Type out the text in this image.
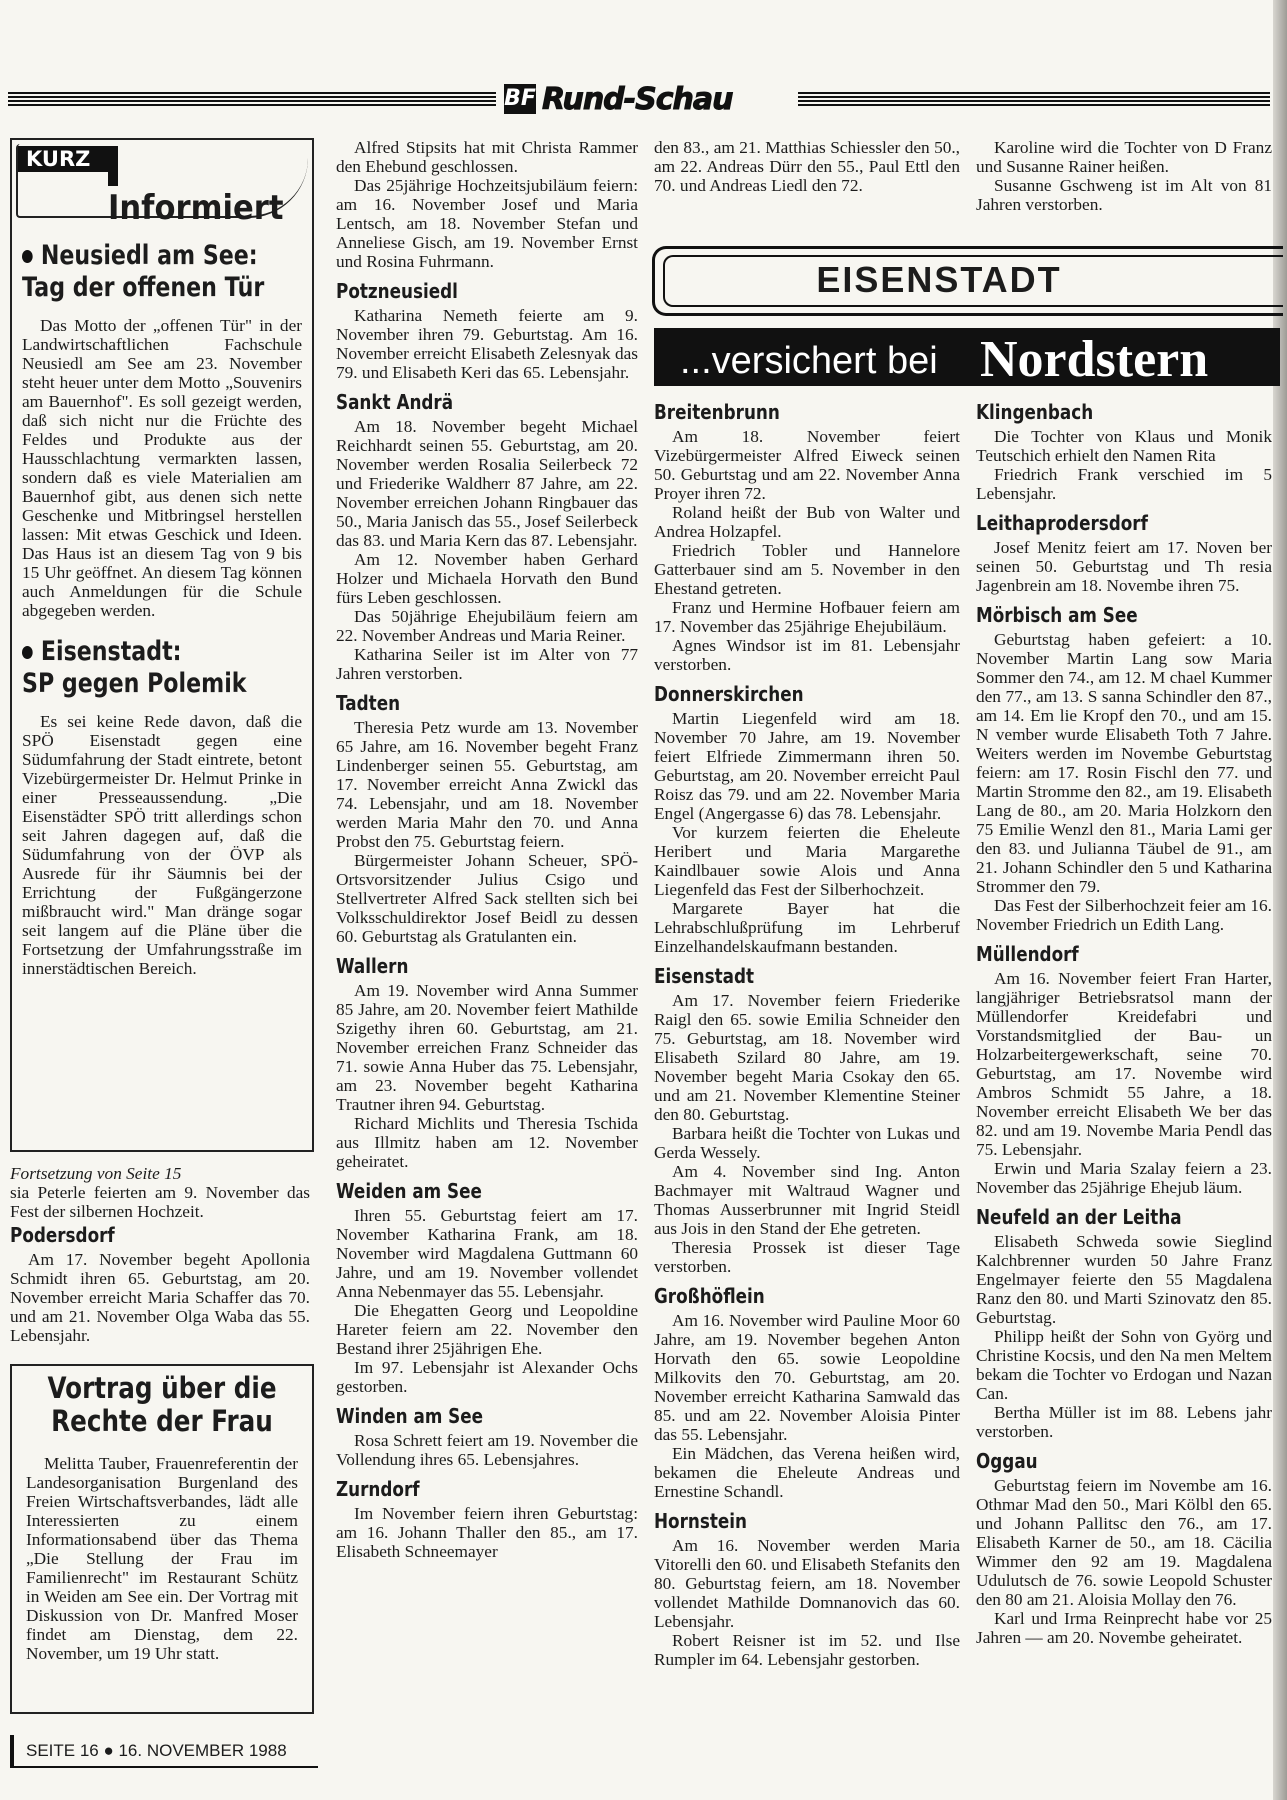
BF Rund-Schau
KURZ
Informiert
Neusiedl am See:
Tag der offenen Tür

Das Motto der „offenen Tür" in der Landwirtschaftlichen Fachschule Neusiedl am See am 23. November steht heuer unter dem Motto „Souvenirs am Bauernhof". Es soll gezeigt werden, daß sich nicht nur die Früchte des Feldes und Produkte aus der Hausschlachtung vermarkten lassen, sondern daß es viele Materialien am Bauernhof gibt, aus denen sich nette Geschenke und Mitbringsel herstellen lassen: Mit etwas Geschick und Ideen. Das Haus ist an diesem Tag von 9 bis 15 Uhr geöffnet. An diesem Tag können auch Anmeldungen für die Schule abgegeben werden.

Eisenstadt:
SP gegen Polemik

Es sei keine Rede davon, daß die SPÖ Eisenstadt gegen eine Südumfahrung der Stadt eintrete, betont Vizebürgermeister Dr. Helmut Prinke in einer Presseaussendung. „Die Eisenstädter SPÖ tritt allerdings schon seit Jahren dagegen auf, daß die Südumfahrung von der ÖVP als Ausrede für ihr Säumnis bei der Errichtung der Fußgängerzone mißbraucht wird." Man dränge sogar seit langem auf die Pläne über die Fortsetzung der Umfahrungsstraße im innerstädtischen Bereich.

Fortsetzung von Seite 15

sia Peterle feierten am 9. November das Fest der silbernen Hochzeit.

Podersdorf

Am 17. November begeht Apollonia Schmidt ihren 65. Geburtstag, am 20. November erreicht Maria Schaffer das 70. und am 21. November Olga Waba das 55. Lebensjahr.

Vortrag über die Rechte der Frau

Melitta Tauber, Frauenreferentin der Landesorganisation Burgenland des Freien Wirtschaftsverbandes, lädt alle Interessierten zu einem Informationsabend über das Thema „Die Stellung der Frau im Familienrecht" im Restaurant Schütz in Weiden am See ein. Der Vortrag mit Diskussion von Dr. Manfred Moser findet am Dienstag, dem 22. November, um 19 Uhr statt.

SEITE 16 ● 16. NOVEMBER 1988

Alfred Stipsits hat mit Christa Rammer den Ehebund geschlossen.

Das 25jährige Hochzeitsjubiläum feiern: am 16. November Josef und Maria Lentsch, am 18. November Stefan und Anneliese Gisch, am 19. November Ernst und Rosina Fuhrmann.

Potzneusiedl

Katharina Nemeth feierte am 9. November ihren 79. Geburtstag. Am 16. November erreicht Elisabeth Zelesnyak das 79. und Elisabeth Keri das 65. Lebensjahr.

Sankt Andrä

Am 18. November begeht Michael Reichhardt seinen 55. Geburtstag, am 20. November werden Rosalia Seilerbeck 72 und Friederike Waldherr 87 Jahre, am 22. November erreichen Johann Ringbauer das 50., Maria Janisch das 55., Josef Seilerbeck das 83. und Maria Kern das 87. Lebensjahr.

Am 12. November haben Gerhard Holzer und Michaela Horvath den Bund fürs Leben geschlossen.

Das 50jährige Ehejubiläum feiern am 22. November Andreas und Maria Reiner.

Katharina Seiler ist im Alter von 77 Jahren verstorben.

Tadten

Theresia Petz wurde am 13. November 65 Jahre, am 16. November begeht Franz Lindenberger seinen 55. Geburtstag, am 17. November erreicht Anna Zwickl das 74. Lebensjahr, und am 18. November werden Maria Mahr den 70. und Anna Probst den 75. Geburtstag feiern.

Bürgermeister Johann Scheuer, SPÖ-Ortsvorsitzender Julius Csigo und Stellvertreter Alfred Sack stellten sich bei Volksschuldirektor Josef Beidl zu dessen 60. Geburtstag als Gratulanten ein.

Wallern

Am 19. November wird Anna Summer 85 Jahre, am 20. November feiert Mathilde Szigethy ihren 60. Geburtstag, am 21. November erreichen Franz Schneider das 71. sowie Anna Huber das 75. Lebensjahr, am 23. November begeht Katharina Trautner ihren 94. Geburtstag.

Richard Michlits und Theresia Tschida aus Illmitz haben am 12. November geheiratet.

Weiden am See

Ihren 55. Geburtstag feiert am 17. November Katharina Frank, am 18. November wird Magdalena Guttmann 60 Jahre, und am 19. November vollendet Anna Nebenmayer das 55. Lebensjahr.

Die Ehegatten Georg und Leopoldine Hareter feiern am 22. November den Bestand ihrer 25jährigen Ehe.

Im 97. Lebensjahr ist Alexander Ochs gestorben.

Winden am See

Rosa Schrett feiert am 19. November die Vollendung ihres 65. Lebensjahres.

Zurndorf

Im November feiern ihren Geburtstag: am 16. Johann Thaller den 85., am 17. Elisabeth Schneemayer

den 83., am 21. Matthias Schiessler den 50., am 22. Andreas Dürr den 55., Paul Ettl den 70. und Andreas Liedl den 72.

Karoline wird die Tochter von D Franz und Susanne Rainer heißen.

Susanne Gschweng ist im Alt von 81 Jahren verstorben.

EISENSTADT
...versichert bei Nordstern
Breitenbrunn

Am 18. November feiert Vizebürgermeister Alfred Eiweck seinen 50. Geburtstag und am 22. November Anna Proyer ihren 72.

Roland heißt der Bub von Walter und Andrea Holzapfel.

Friedrich Tobler und Hannelore Gatterbauer sind am 5. November in den Ehestand getreten.

Franz und Hermine Hofbauer feiern am 17. November das 25jährige Ehejubiläum.

Agnes Windsor ist im 81. Lebensjahr verstorben.

Donnerskirchen

Martin Liegenfeld wird am 18. November 70 Jahre, am 19. November feiert Elfriede Zimmermann ihren 50. Geburtstag, am 20. November erreicht Paul Roisz das 79. und am 22. November Maria Engel (Angergasse 6) das 78. Lebensjahr.

Vor kurzem feierten die Eheleute Heribert und Maria Margarethe Kaindlbauer sowie Alois und Anna Liegenfeld das Fest der Silberhochzeit.

Margarete Bayer hat die Lehrabschlußprüfung im Lehrberuf Einzelhandelskaufmann bestanden.

Eisenstadt

Am 17. November feiern Friederike Raigl den 65. sowie Emilia Schneider den 75. Geburtstag, am 18. November wird Elisabeth Szilard 80 Jahre, am 19. November begeht Maria Csokay den 65. und am 21. November Klementine Steiner den 80. Geburtstag.

Barbara heißt die Tochter von Lukas und Gerda Wessely.

Am 4. November sind Ing. Anton Bachmayer mit Waltraud Wagner und Thomas Ausserbrunner mit Ingrid Steidl aus Jois in den Stand der Ehe getreten.

Theresia Prossek ist dieser Tage verstorben.

Großhöflein

Am 16. November wird Pauline Moor 60 Jahre, am 19. November begehen Anton Horvath den 65. sowie Leopoldine Milkovits den 70. Geburtstag, am 20. November erreicht Katharina Samwald das 85. und am 22. November Aloisia Pinter das 55. Lebensjahr.

Ein Mädchen, das Verena heißen wird, bekamen die Eheleute Andreas und Ernestine Schandl.

Hornstein

Am 16. November werden Maria Vitorelli den 60. und Elisabeth Stefanits den 80. Geburtstag feiern, am 18. November vollendet Mathilde Domnanovich das 60. Lebensjahr.

Robert Reisner ist im 52. und Ilse Rumpler im 64. Lebensjahr gestorben.

Klingenbach

Die Tochter von Klaus und Monik Teutschich erhielt den Namen Rita

Friedrich Frank verschied im 5 Lebensjahr.

Leithaprodersdorf

Josef Menitz feiert am 17. Noven ber seinen 50. Geburtstag und Th resia Jagenbrein am 18. Novembe ihren 75.

Mörbisch am See

Geburtstag haben gefeiert: a 10. November Martin Lang sow Maria Sommer den 74., am 12. M chael Kummer den 77., am 13. S sanna Schindler den 87., am 14. Em lie Kropf den 70., und am 15. N vember wurde Elisabeth Toth 7 Jahre. Weiters werden im Novembe Geburtstag feiern: am 17. Rosin Fischl den 77. und Martin Stromme den 82., am 19. Elisabeth Lang de 80., am 20. Maria Holzkorn den 75 Emilie Wenzl den 81., Maria Lami ger den 83. und Julianna Täubel de 91., am 21. Johann Schindler den 5 und Katharina Strommer den 79.

Das Fest der Silberhochzeit feier am 16. November Friedrich un Edith Lang.

Müllendorf

Am 16. November feiert Fran Harter, langjähriger Betriebsratsol mann der Müllendorfer Kreidefabri und Vorstandsmitglied der Bau- un Holzarbeitergewerkschaft, seine 70. Geburtstag, am 17. Novembe wird Ambros Schmidt 55 Jahre, a 18. November erreicht Elisabeth We ber das 82. und am 19. Novembe Maria Pendl das 75. Lebensjahr.

Erwin und Maria Szalay feiern a 23. November das 25jährige Ehejub läum.

Neufeld an der Leitha

Elisabeth Schweda sowie Sieglind Kalchbrenner wurden 50 Jahre Franz Engelmayer feierte den 55 Magdalena Ranz den 80. und Marti Szinovatz den 85. Geburtstag.

Philipp heißt der Sohn von Györg und Christine Kocsis, und den Na men Meltem bekam die Tochter vo Erdogan und Nazan Can.

Bertha Müller ist im 88. Lebens jahr verstorben.

Oggau

Geburtstag feiern im Novembe am 16. Othmar Mad den 50., Mari Kölbl den 65. und Johann Pallitsc den 76., am 17. Elisabeth Karner de 50., am 18. Cäcilia Wimmer den 92 am 19. Magdalena Udulutsch de 76. sowie Leopold Schuster den 80 am 21. Aloisia Mollay den 76.

Karl und Irma Reinprecht habe vor 25 Jahren — am 20. Novembe geheiratet.
